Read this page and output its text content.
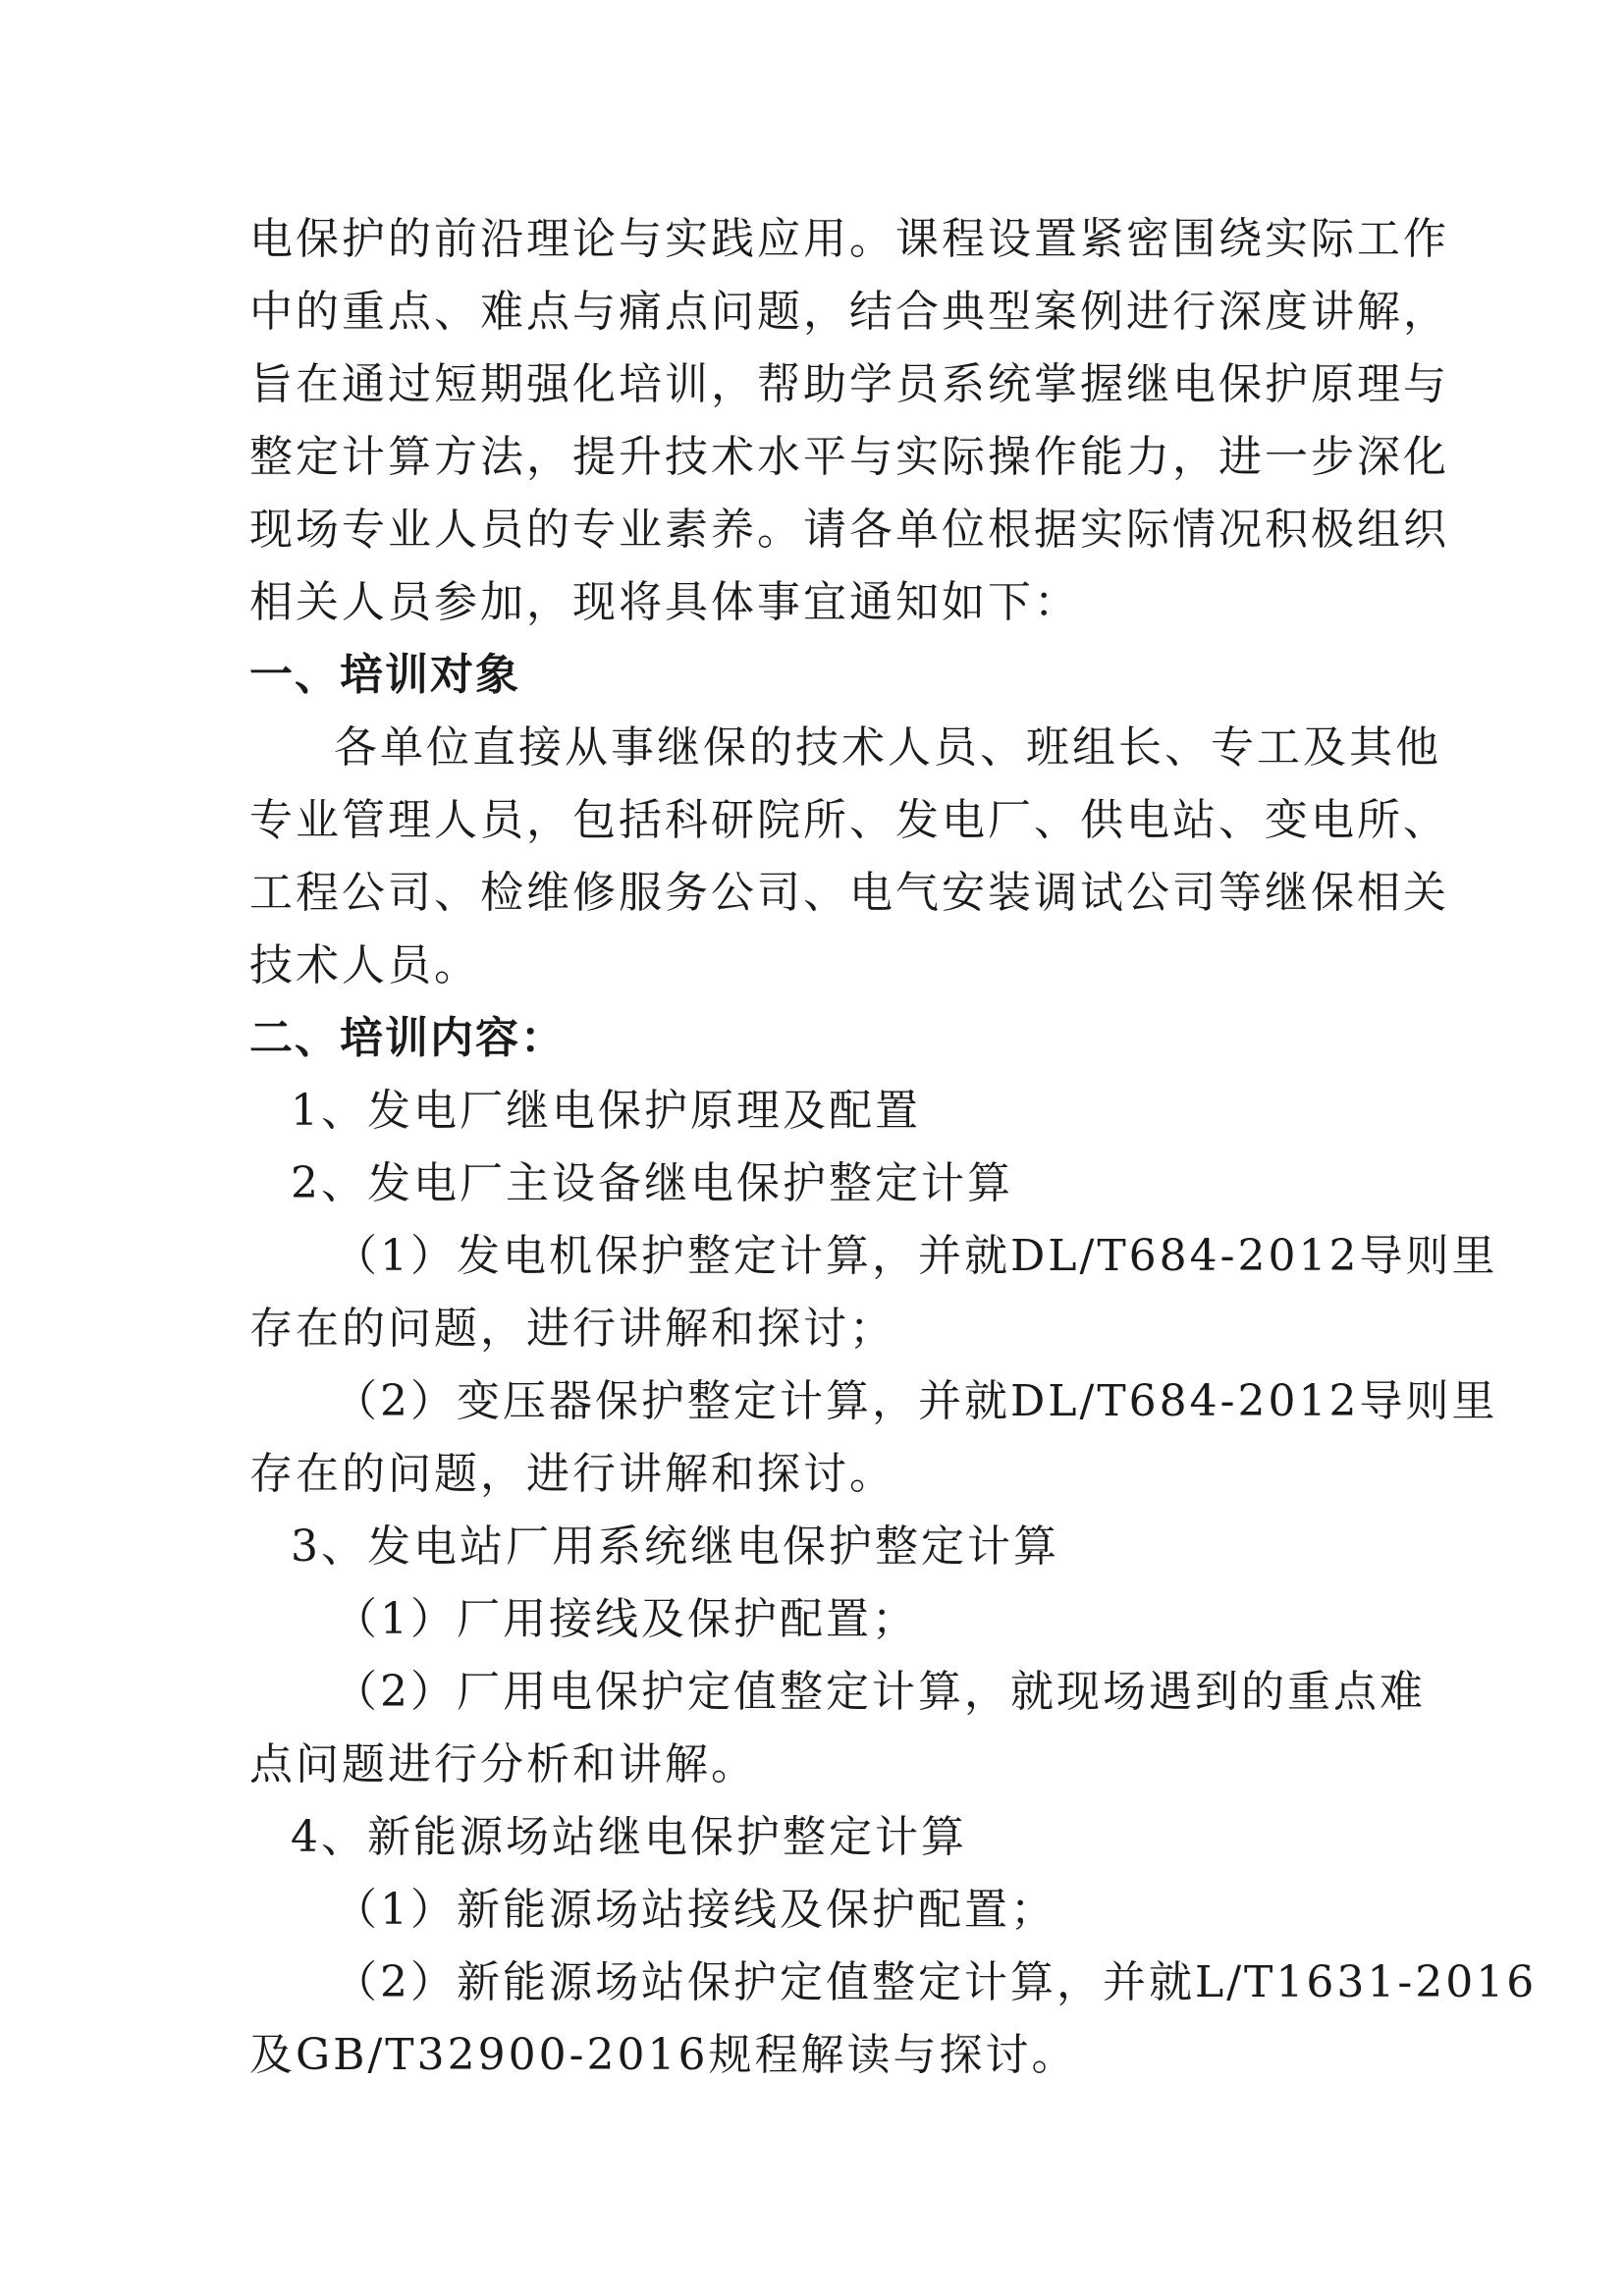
电保护的前沿理论与实践应用。课程设置紧密围绕实际工作
中的重点、难点与痛点问题，结合典型案例进行深度讲解，
旨在通过短期强化培训，帮助学员系统掌握继电保护原理与
整定计算方法，提升技术水平与实际操作能力，进一步深化
现场专业人员的专业素养。请各单位根据实际情况积极组织
相关人员参加，现将具体事宜通知如下：
一、培训对象
各单位直接从事继保的技术人员、班组长、专工及其他
专业管理人员，包括科研院所、发电厂、供电站、变电所、
工程公司、检维修服务公司、电气安装调试公司等继保相关
技术人员。
二、培训内容：
1、发电厂继电保护原理及配置
2、发电厂主设备继电保护整定计算
（1）发电机保护整定计算，并就DL/T684-2012导则里
存在的问题，进行讲解和探讨；
（2）变压器保护整定计算，并就DL/T684-2012导则里
存在的问题，进行讲解和探讨。
3、发电站厂用系统继电保护整定计算
（1）厂用接线及保护配置；
（2）厂用电保护定值整定计算，就现场遇到的重点难
点问题进行分析和讲解。
4、新能源场站继电保护整定计算
（1）新能源场站接线及保护配置；
（2）新能源场站保护定值整定计算，并就L/T1631-2016
及GB/T32900-2016规程解读与探讨。
